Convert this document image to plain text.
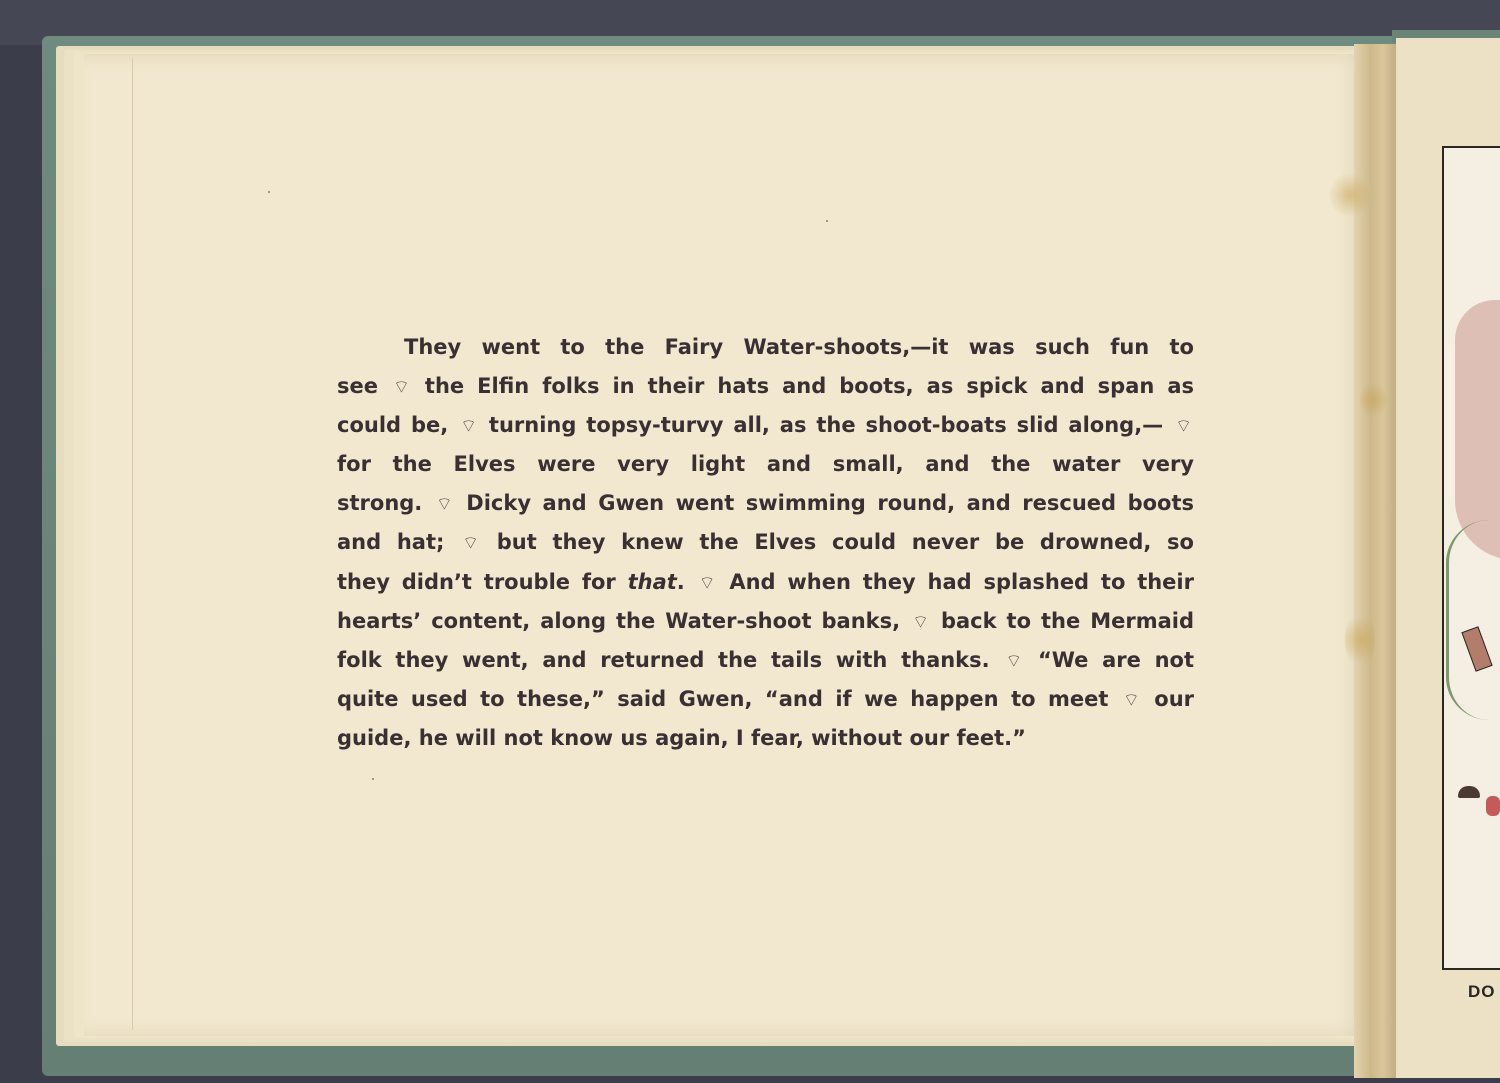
DO
They went to the Fairy Water-shoots,—it was such fun to
see ⌔ the Elfin folks in their hats and boots, as spick and span as
could be, ⌔ turning topsy-turvy all, as the shoot-boats slid along,— ⌔
for the Elves were very light and small, and the water very
strong. ⌔ Dicky and Gwen went swimming round, and rescued boots
and hat; ⌔ but they knew the Elves could never be drowned, so
they didn’t trouble for that. ⌔ And when they had splashed to their
hearts’ content, along the Water-shoot banks, ⌔ back to the Mermaid
folk they went, and returned the tails with thanks. ⌔ “We are not
quite used to these,” said Gwen, “and if we happen to meet ⌔ our
guide, he will not know us again, I fear, without our feet.”
